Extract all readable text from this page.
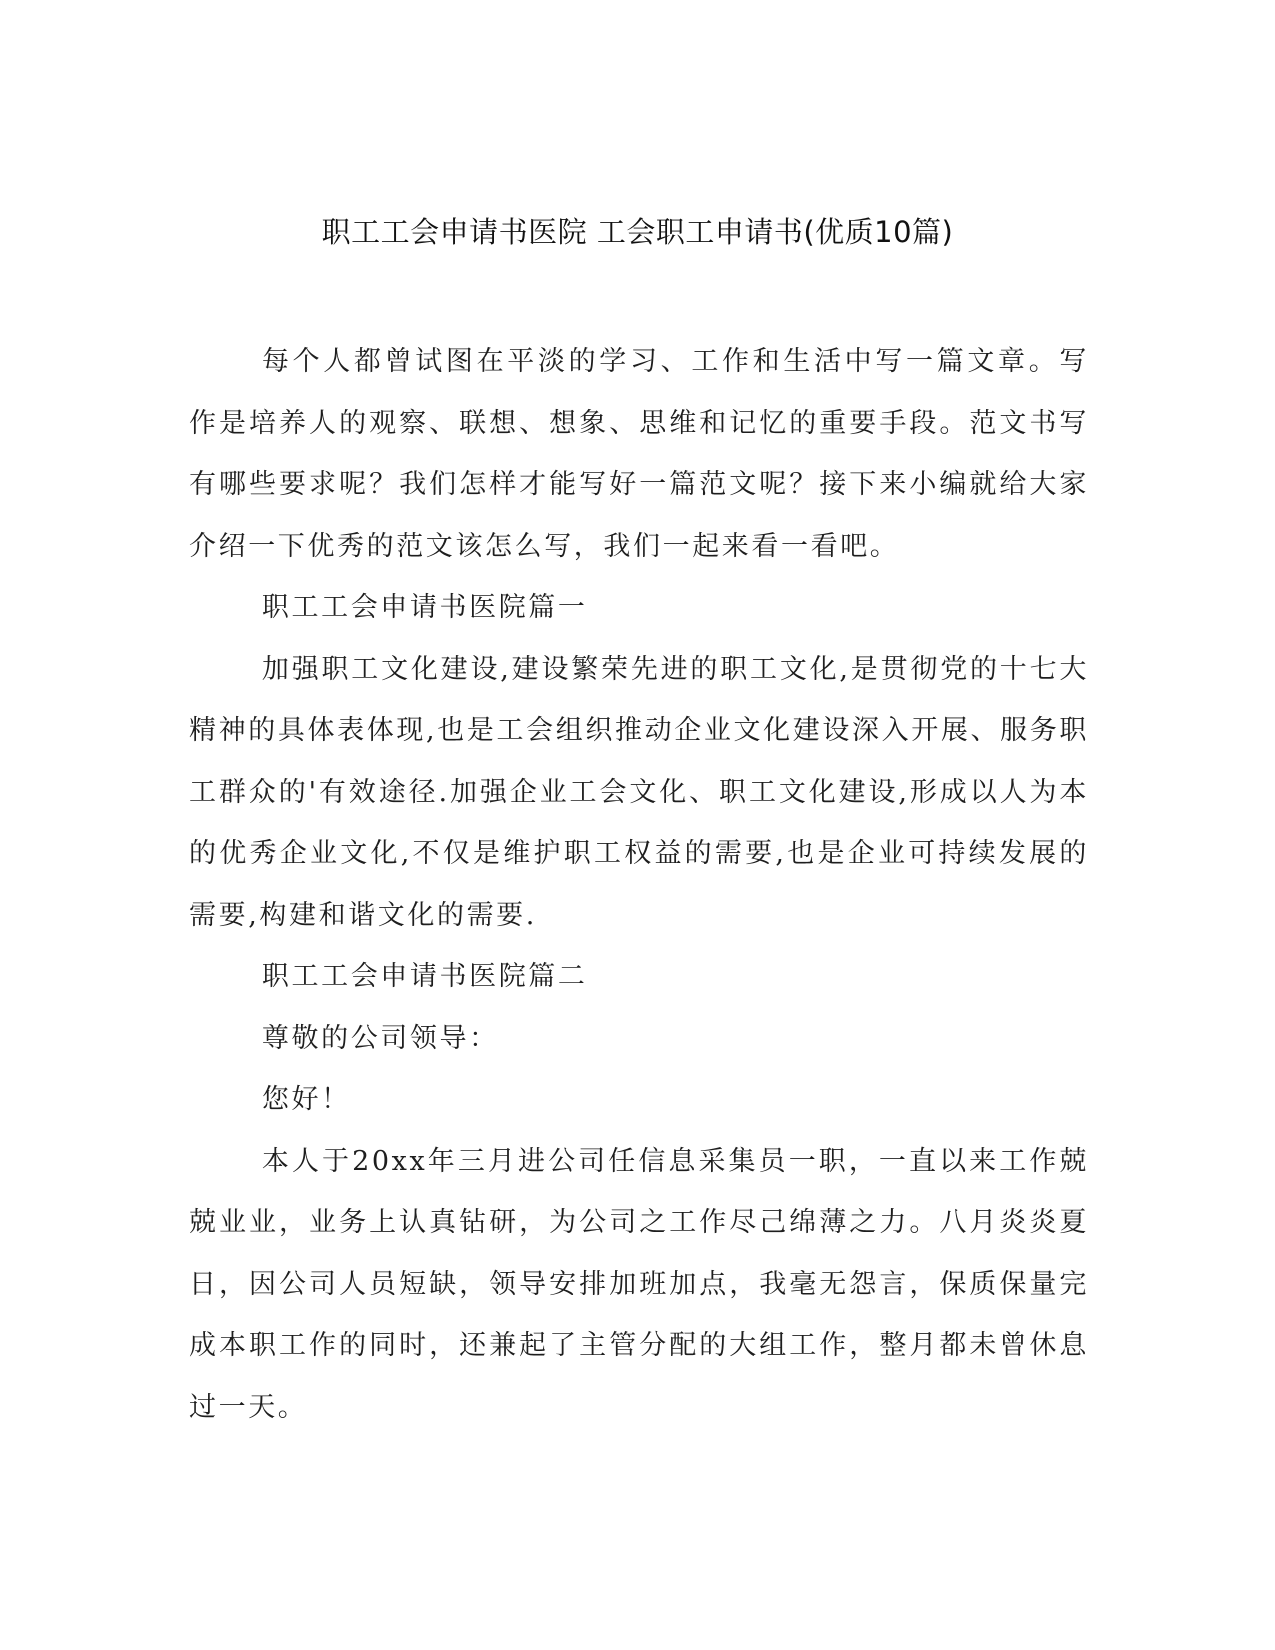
职工工会申请书医院 工会职工申请书(优质10篇)

每个人都曾试图在平淡的学习、工作和生活中写一篇文章。写作是培养人的观察、联想、想象、思维和记忆的重要手段。范文书写有哪些要求呢？我们怎样才能写好一篇范文呢？接下来小编就给大家介绍一下优秀的范文该怎么写，我们一起来看一看吧。

职工工会申请书医院篇一

加强职工文化建设,建设繁荣先进的职工文化,是贯彻党的十七大精神的具体表体现,也是工会组织推动企业文化建设深入开展、服务职工群众的'有效途径.加强企业工会文化、职工文化建设,形成以人为本的优秀企业文化,不仅是维护职工权益的需要,也是企业可持续发展的需要,构建和谐文化的需要.

职工工会申请书医院篇二

尊敬的公司领导：

您好！

本人于20xx年三月进公司任信息采集员一职，一直以来工作兢兢业业，业务上认真钻研，为公司之工作尽己绵薄之力。八月炎炎夏日，因公司人员短缺，领导安排加班加点，我毫无怨言，保质保量完成本职工作的同时，还兼起了主管分配的大组工作，整月都未曾休息过一天。
